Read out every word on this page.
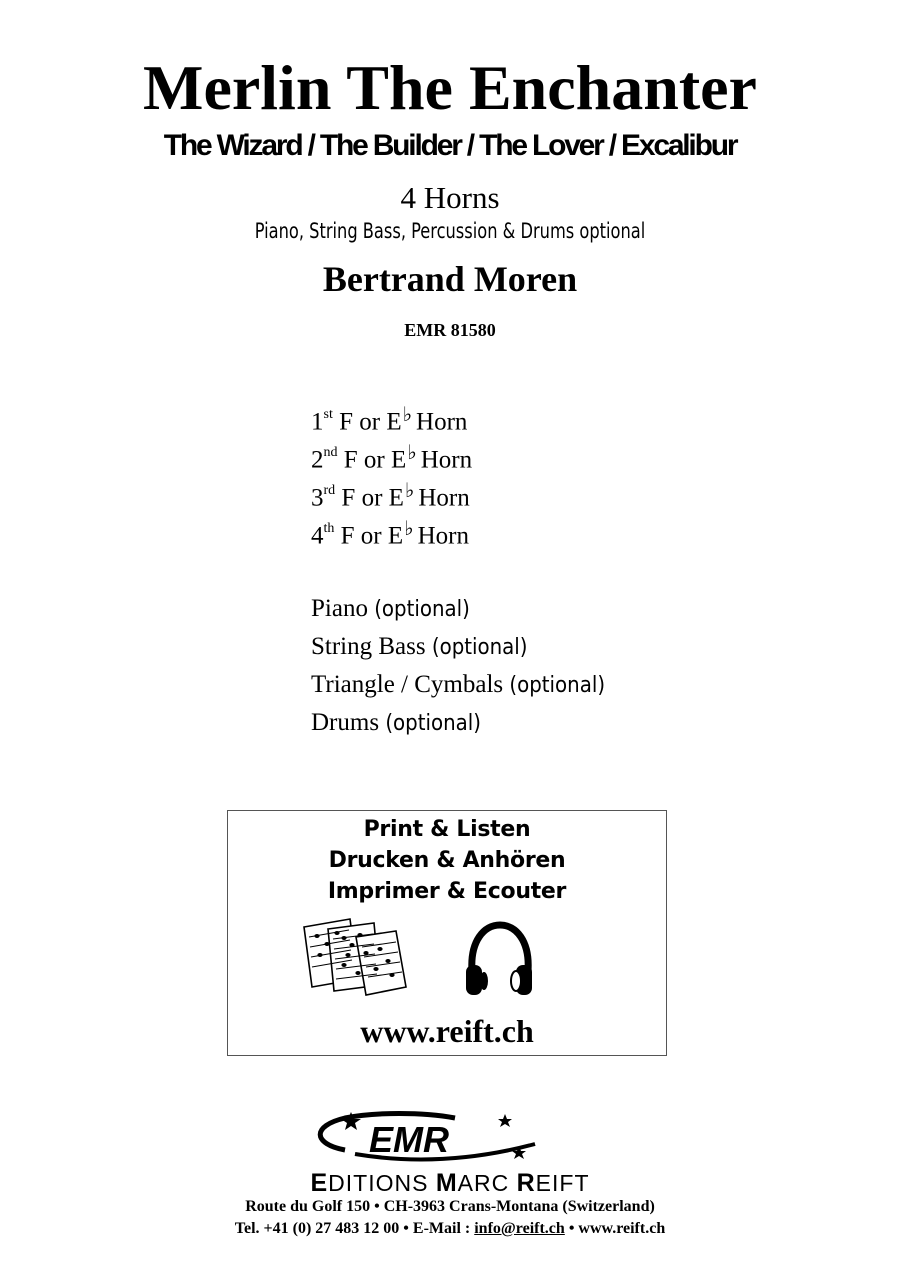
Merlin The Enchanter
The Wizard / The Builder / The Lover / Excalibur
4 Horns
Piano, String Bass, Percussion & Drums optional
Bertrand Moren
EMR 81580
1st F or E♭ Horn
2nd F or E♭ Horn
3rd F or E♭ Horn
4th F or E♭ Horn
Piano (optional)
String Bass (optional)
Triangle / Cymbals (optional)
Drums (optional)
Print & Listen
Drucken & Anhören
Imprimer & Ecouter
www.reift.ch
EMR
EDITIONS MARC REIFT
Route du Golf 150 • CH-3963 Crans-Montana (Switzerland)
Tel. +41 (0) 27 483 12 00 • E-Mail : info@reift.ch • www.reift.ch
